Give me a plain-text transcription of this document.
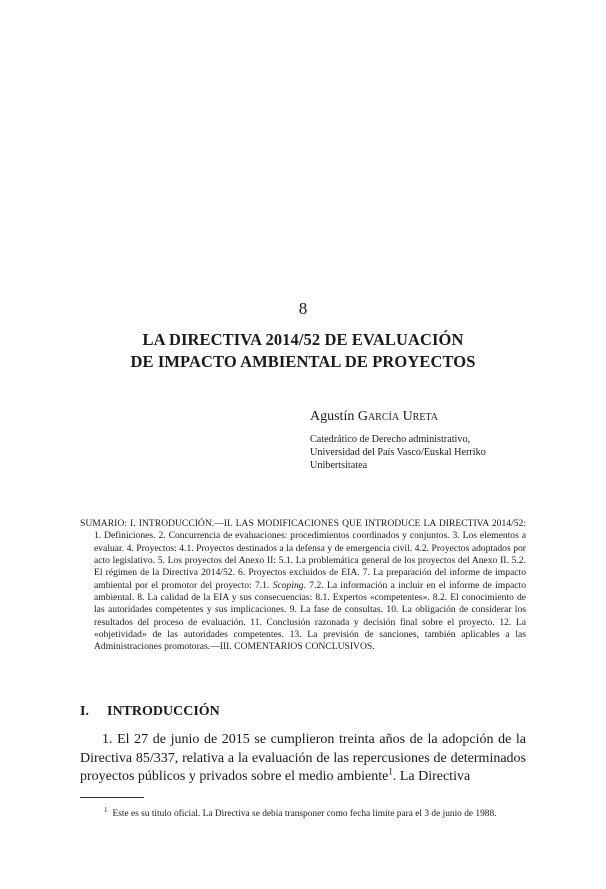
8
LA DIRECTIVA 2014/52 DE EVALUACIÓN
DE IMPACTO AMBIENTAL DE PROYECTOS
Agustín García Ureta
Catedrático de Derecho administrativo,
Universidad del País Vasco/Euskal Herriko
Unibertsitatea
SUMARIO: I. INTRODUCCIÓN.—II. LAS MODIFICACIONES QUE INTRODUCE LA DIRECTIVA 2014/52: 1. Definiciones. 2. Concurrencia de evaluaciones: procedimientos coordinados y conjuntos. 3. Los elementos a evaluar. 4. Proyectos: 4.1. Proyectos destinados a la defensa y de emergencia civil. 4.2. Proyectos adoptados por acto legislativo. 5. Los proyectos del Anexo II: 5.1. La problemática general de los proyectos del Anexo II. 5.2. El régimen de la Directiva 2014/52. 6. Proyectos excluidos de EIA. 7. La preparación del informe de impacto ambiental por el promotor del proyecto: 7.1. Scoping. 7.2. La información a incluir en el informe de impacto ambiental. 8. La calidad de la EIA y sus consecuencias: 8.1. Expertos «competentes». 8.2. El conocimiento de las autoridades competentes y sus implicaciones. 9. La fase de consultas. 10. La obligación de considerar los resultados del proceso de evaluación. 11. Conclusión razonada y decisión final sobre el proyecto. 12. La «objetividad» de las autoridades competentes. 13. La previsión de sanciones, también aplicables a las Administraciones promotoras.—III. COMENTARIOS CONCLUSIVOS.
I. INTRODUCCIÓN
1. El 27 de junio de 2015 se cumplieron treinta años de la adopción de la Directiva 85/337, relativa a la evaluación de las repercusiones de determinados proyectos públicos y privados sobre el medio ambiente$^1$. La Directiva
$^1$ Este es su título oficial. La Directiva se debía transponer como fecha límite para el 3 de junio de 1988.
